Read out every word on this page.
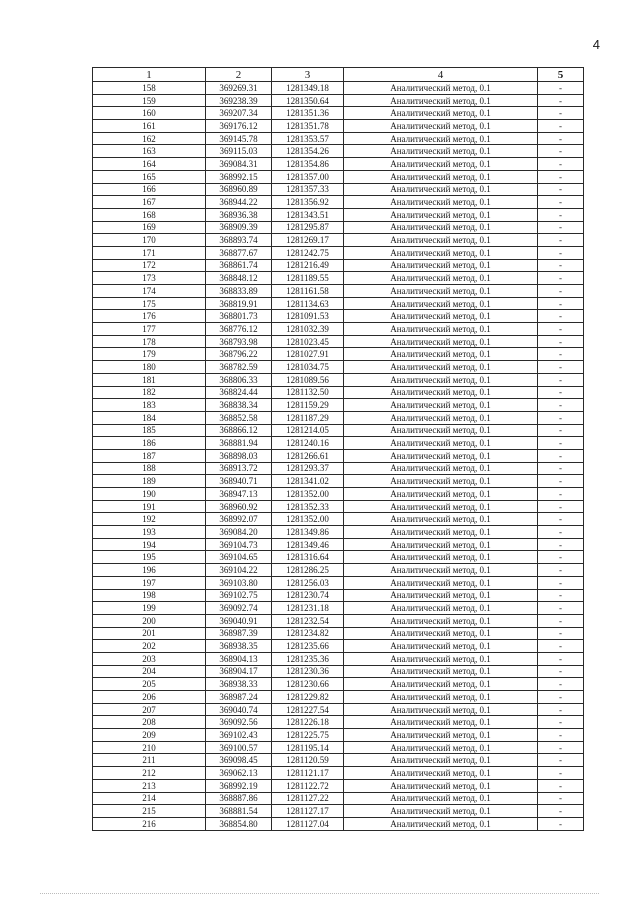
4
1	2	3	4	5
158	369269.31	1281349.18	Аналитический метод, 0.1	-
159	369238.39	1281350.64	Аналитический метод, 0.1	-
160	369207.34	1281351.36	Аналитический метод, 0.1	-
161	369176.12	1281351.78	Аналитический метод, 0.1	-
162	369145.78	1281353.57	Аналитический метод, 0.1	-
163	369115.03	1281354.26	Аналитический метод, 0.1	-
164	369084.31	1281354.86	Аналитический метод, 0.1	-
165	368992.15	1281357.00	Аналитический метод, 0.1	-
166	368960.89	1281357.33	Аналитический метод, 0.1	-
167	368944.22	1281356.92	Аналитический метод, 0.1	-
168	368936.38	1281343.51	Аналитический метод, 0.1	-
169	368909.39	1281295.87	Аналитический метод, 0.1	-
170	368893.74	1281269.17	Аналитический метод, 0.1	-
171	368877.67	1281242.75	Аналитический метод, 0.1	-
172	368861.74	1281216.49	Аналитический метод, 0.1	-
173	368848.12	1281189.55	Аналитический метод, 0.1	-
174	368833.89	1281161.58	Аналитический метод, 0.1	-
175	368819.91	1281134.63	Аналитический метод, 0.1	-
176	368801.73	1281091.53	Аналитический метод, 0.1	-
177	368776.12	1281032.39	Аналитический метод, 0.1	-
178	368793.98	1281023.45	Аналитический метод, 0.1	-
179	368796.22	1281027.91	Аналитический метод, 0.1	-
180	368782.59	1281034.75	Аналитический метод, 0.1	-
181	368806.33	1281089.56	Аналитический метод, 0.1	-
182	368824.44	1281132.50	Аналитический метод, 0.1	-
183	368838.34	1281159.29	Аналитический метод, 0.1	-
184	368852.58	1281187.29	Аналитический метод, 0.1	-
185	368866.12	1281214.05	Аналитический метод, 0.1	-
186	368881.94	1281240.16	Аналитический метод, 0.1	-
187	368898.03	1281266.61	Аналитический метод, 0.1	-
188	368913.72	1281293.37	Аналитический метод, 0.1	-
189	368940.71	1281341.02	Аналитический метод, 0.1	-
190	368947.13	1281352.00	Аналитический метод, 0.1	-
191	368960.92	1281352.33	Аналитический метод, 0.1	-
192	368992.07	1281352.00	Аналитический метод, 0.1	-
193	369084.20	1281349.86	Аналитический метод, 0.1	-
194	369104.73	1281349.46	Аналитический метод, 0.1	-
195	369104.65	1281316.64	Аналитический метод, 0.1	-
196	369104.22	1281286.25	Аналитический метод, 0.1	-
197	369103.80	1281256.03	Аналитический метод, 0.1	-
198	369102.75	1281230.74	Аналитический метод, 0.1	-
199	369092.74	1281231.18	Аналитический метод, 0.1	-
200	369040.91	1281232.54	Аналитический метод, 0.1	-
201	368987.39	1281234.82	Аналитический метод, 0.1	-
202	368938.35	1281235.66	Аналитический метод, 0.1	-
203	368904.13	1281235.36	Аналитический метод, 0.1	-
204	368904.17	1281230.36	Аналитический метод, 0.1	-
205	368938.33	1281230.66	Аналитический метод, 0.1	-
206	368987.24	1281229.82	Аналитический метод, 0.1	-
207	369040.74	1281227.54	Аналитический метод, 0.1	-
208	369092.56	1281226.18	Аналитический метод, 0.1	-
209	369102.43	1281225.75	Аналитический метод, 0.1	-
210	369100.57	1281195.14	Аналитический метод, 0.1	-
211	369098.45	1281120.59	Аналитический метод, 0.1	-
212	369062.13	1281121.17	Аналитический метод, 0.1	-
213	368992.19	1281122.72	Аналитический метод, 0.1	-
214	368887.86	1281127.22	Аналитический метод, 0.1	-
215	368881.54	1281127.17	Аналитический метод, 0.1	-
216	368854.80	1281127.04	Аналитический метод, 0.1	-
